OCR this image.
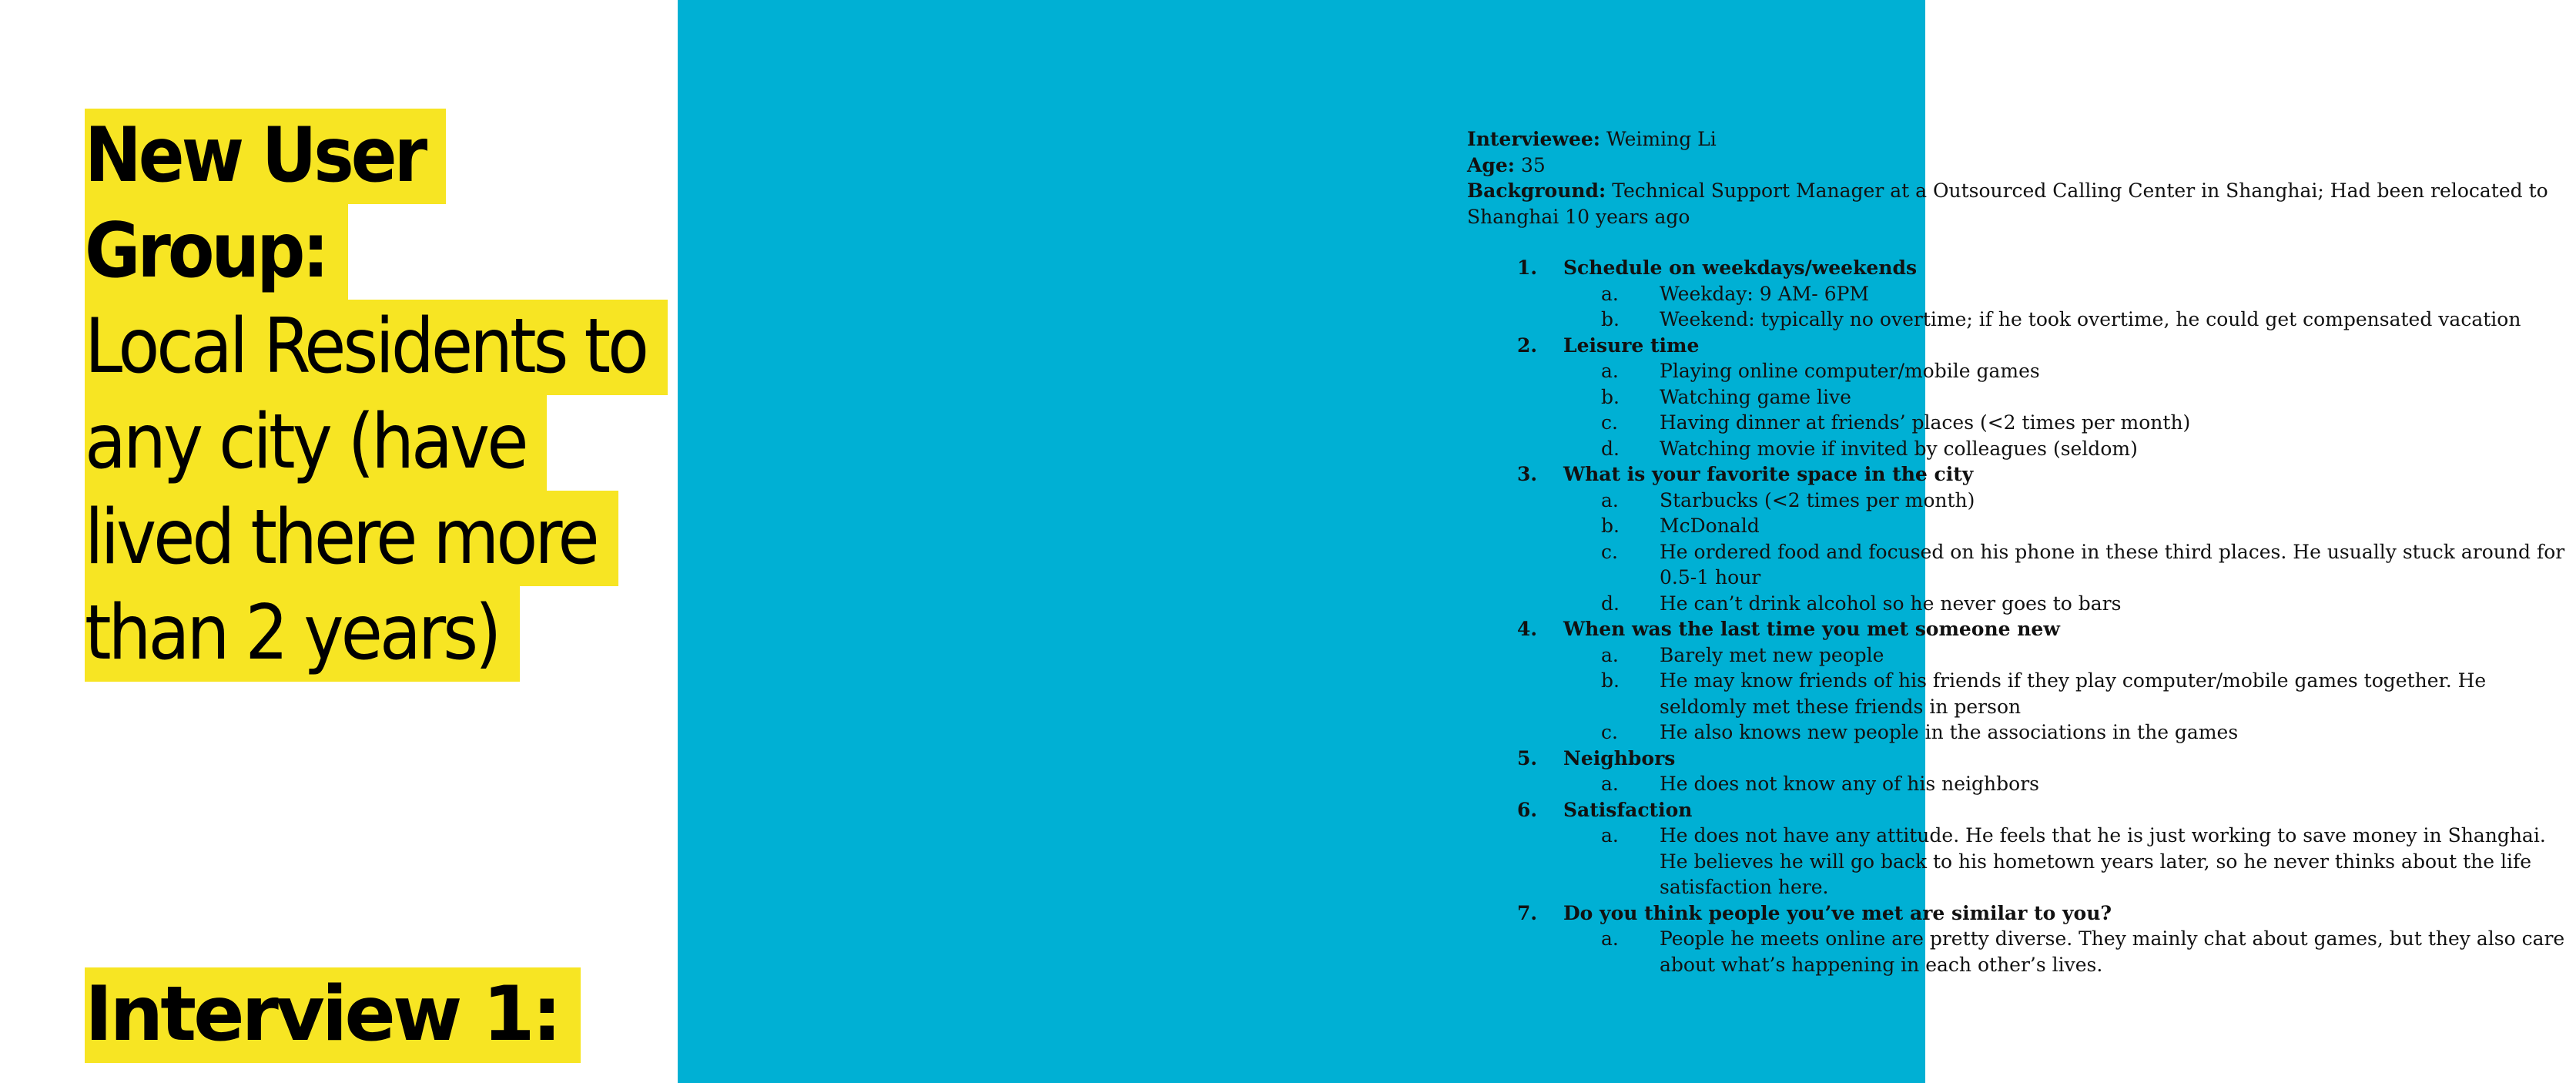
New User Group:
Local Residents to any city (have lived there more than 2 years)
Interview 1:

Interviewee: Weiming Li

Age: 35

Background: Technical Support Manager at a Outsourced Calling Center in Shanghai; Had been relocated to Shanghai 10 years ago

1.	Schedule on weekdays/weekends
a.	Weekday: 9 AM- 6PM
b.	Weekend: typically no overtime; if he took overtime, he could get compensated vacation
2.	Leisure time
a.	Playing online computer/mobile games
b.	Watching game live
c.	Having dinner at friends’ places (<2 times per month)
d.	Watching movie if invited by colleagues (seldom)
3.	What is your favorite space in the city
a.	Starbucks (<2 times per month)
b.	McDonald
c.	He ordered food and focused on his phone in these third places. He usually stuck around for 0.5-1 hour
d.	He can’t drink alcohol so he never goes to bars
4.	When was the last time you met someone new
a.	Barely met new people
b.	He may know friends of his friends if they play computer/mobile games together. He seldomly met these friends in person
c.	He also knows new people in the associations in the games
5.	Neighbors
a.	He does not know any of his neighbors
6.	Satisfaction
a.	He does not have any attitude. He feels that he is just working to save money in Shanghai. He believes he will go back to his hometown years later, so he never thinks about the life satisfaction here.
7.	Do you think people you’ve met are similar to you?
a.	People he meets online are pretty diverse. They mainly chat about games, but they also care about what’s happening in each other’s lives.
